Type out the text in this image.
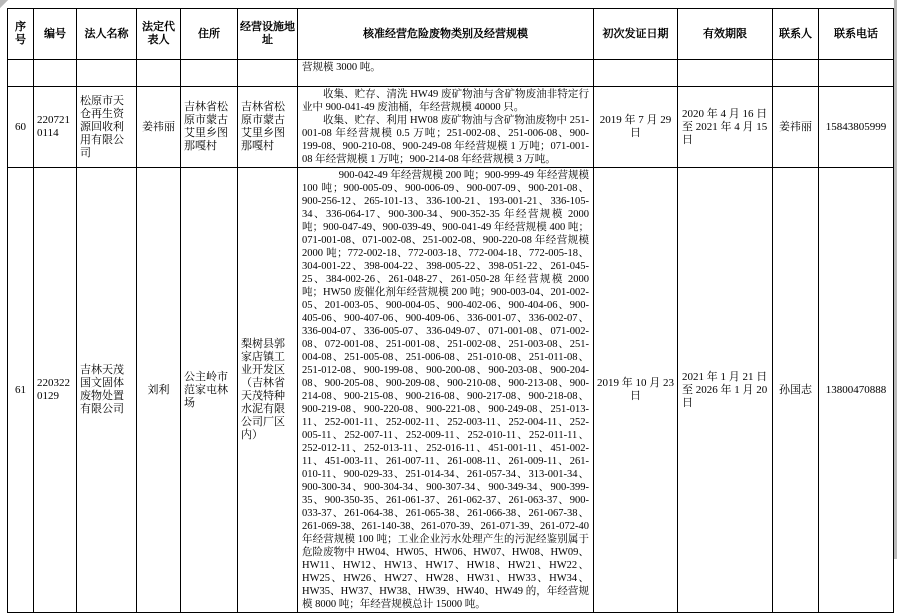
序号	编号	法人名称	法定代表人	住所	经营设施地址	核准经营危险废物类别及经营规模	初次发证日期	有效期限	联系人	联系电话

						营规模 3000 吨。				

60	2207210114	松原市天仓再生资源回收利用有限公司	姜祎丽	吉林省松原市蒙古艾里乡图那嘎村	吉林省松原市蒙古艾里乡图那嘎村	收集、贮存、清洗 HW49 废矿物油与含矿物废油非特定行业中 900-041-49 废油桶，年经营规模 40000 只。

收集、贮存、利用 HW08 废矿物油与含矿物油废物中 251-001-08 年经营规模 0.5 万吨；251-002-08、251-006-08、900-199-08、900-210-08、900-249-08 年经营规模 1 万吨；071-001-08 年经营规模 1 万吨；900-214-08 年经营规模 3 万吨。	2019 年 7 月 29 日	2020 年 4 月 16 日至 2021 年 4 月 15 日	姜祎丽	15843805999
61	2203220129	吉林天茂国文固体废物处置有限公司	刘利	公主岭市范家屯林场	梨树县郭家店镇工业开发区（吉林省天茂特种水泥有限公司厂区内）	900-042-49 年经营规模 200 吨；900-999-49 年经营规模 100 吨；900-005-09、900-006-09、900-007-09、900-201-08、900-256-12、265-101-13、336-100-21、193-001-21、336-105-34、336-064-17、900-300-34、900-352-35 年经营规模 2000 吨；900-047-49、900-039-49、900-041-49 年经营规模 400 吨；071-001-08、071-002-08、251-002-08、900-220-08 年经营规模 2000 吨；772-002-18、772-003-18、772-004-18、772-005-18、304-001-22、398-004-22、398-005-22、398-051-22、261-045-25、384-002-26、261-048-27、261-050-28 年经营规模 2000 吨；HW50 废催化剂年经营规模 200 吨；900-003-04、201-002-05、201-003-05、900-004-05、900-402-06、900-404-06、900-405-06、900-407-06、900-409-06、336-001-07、336-002-07、336-004-07、336-005-07、336-049-07、071-001-08、071-002-08、072-001-08、251-001-08、251-002-08、251-003-08、251-004-08、251-005-08、251-006-08、251-010-08、251-011-08、251-012-08、900-199-08、900-200-08、900-203-08、900-204-08、900-205-08、900-209-08、900-210-08、900-213-08、900-214-08、900-215-08、900-216-08、900-217-08、900-218-08、900-219-08、900-220-08、900-221-08、900-249-08、251-013-11、252-001-11、252-002-11、252-003-11、252-004-11、252-005-11、252-007-11、252-009-11、252-010-11、252-011-11、252-012-11、252-013-11、252-016-11、451-001-11、451-002-11、451-003-11、261-007-11、261-008-11、261-009-11、261-010-11、900-029-33、251-014-34、261-057-34、313-001-34、900-300-34、900-304-34、900-307-34、900-349-34、900-399-35、900-350-35、261-061-37、261-062-37、261-063-37、900-033-37、261-064-38、261-065-38、261-066-38、261-067-38、261-069-38、261-140-38、261-070-39、261-071-39、261-072-40 年经营规模 100 吨；工业企业污水处理产生的污泥经鉴别属于危险废物中 HW04、HW05、HW06、HW07、HW08、HW09、HW11、HW12、HW13、HW17、HW18、HW21、HW22、HW25、HW26、HW27、HW28、HW31、HW33、HW34、HW35、HW37、HW38、HW39、HW40、HW49 的，年经营规模 8000 吨；年经营规模总计 15000 吨。	2019 年 10 月 23 日	2021 年 1 月 21 日至 2026 年 1 月 20 日	孙国志	13800470888
